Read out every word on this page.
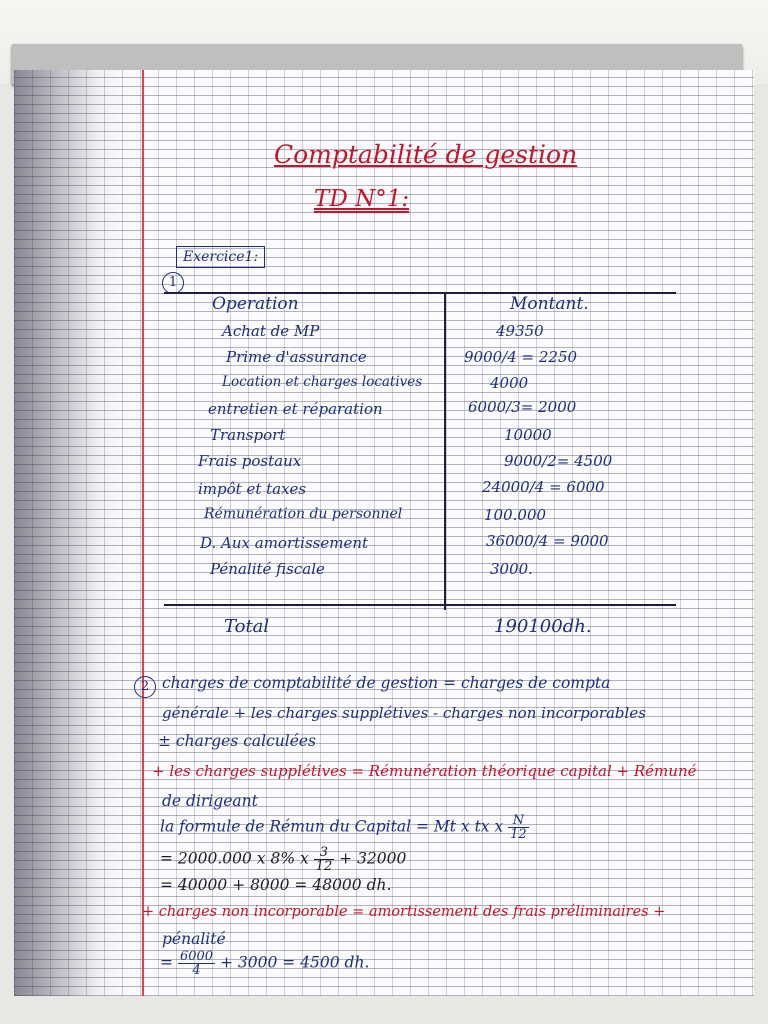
Comptabilité de gestion
TD N°1:
Exercice1:
1
Operation	Montant.
Achat de MP	49350
Prime d'assurance	9000/4 = 2250
Location et charges locatives	4000
entretien et réparation	6000/3= 2000
Transport	10000
Frais postaux	9000/2= 4500
impôt et taxes	24000/4 = 6000
Rémunération du personnel	100.000
D. Aux amortissement	36000/4 = 9000
Pénalité fiscale	3000.
Total	190100dh.
2 charges de comptabilité de gestion = charges de compta
générale + les charges supplétives - charges non incorporables
± charges calculées
+ les charges supplétives = Rémunération théorique capital + Rémuné
de dirigeant
la formule de Rémun du Capital = Mt x tx x $\frac{N}{12}$
= 2000.000 x 8% x $\frac{3}{12} + 32000$
= 40000 + 8000 = 48000 dh.
+ charges non incorporable = amortissement des frais préliminaires +
pénalité
= $\frac{6000}{4} + 3000 = 4500$ dh.
